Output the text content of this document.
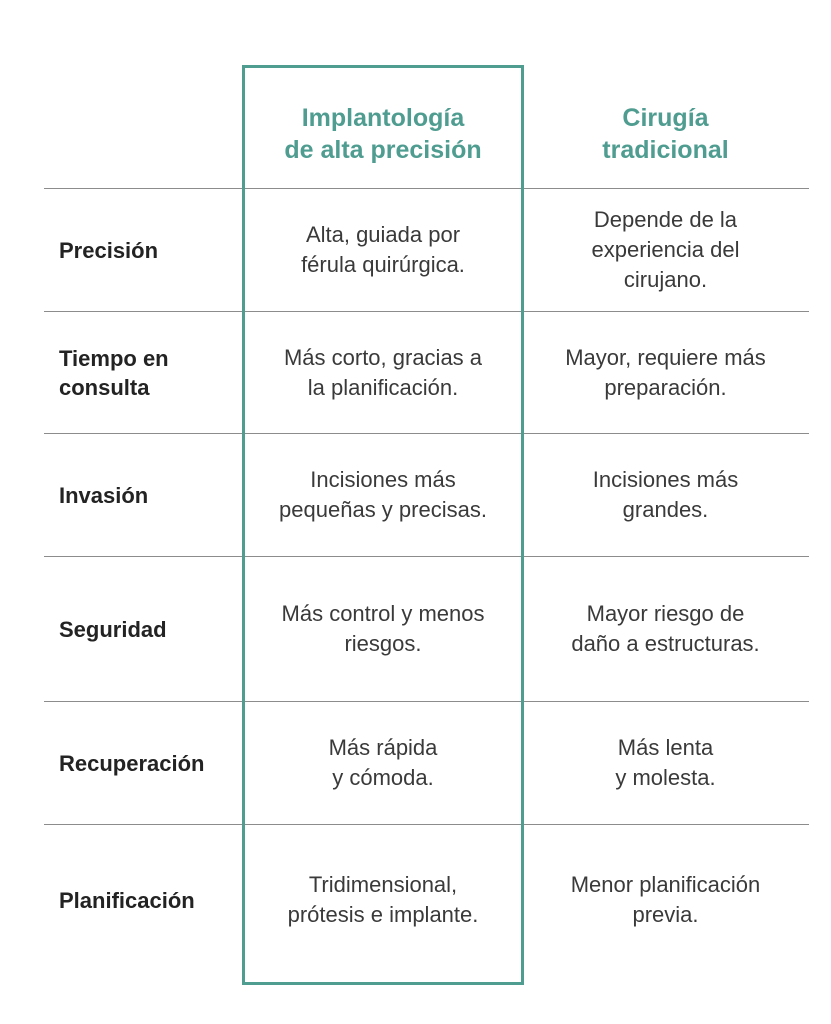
Implantología
de alta precisión
Cirugía
tradicional
Precisión
Alta, guiada por
férula quirúrgica.
Depende de la
experiencia del
cirujano.
Tiempo en
consulta
Más corto, gracias a
la planificación.
Mayor, requiere más
preparación.
Invasión
Incisiones más
pequeñas y precisas.
Incisiones más
grandes.
Seguridad
Más control y menos
riesgos.
Mayor riesgo de
daño a estructuras.
Recuperación
Más rápida
y cómoda.
Más lenta
y molesta.
Planificación
Tridimensional,
prótesis e implante.
Menor planificación
previa.
